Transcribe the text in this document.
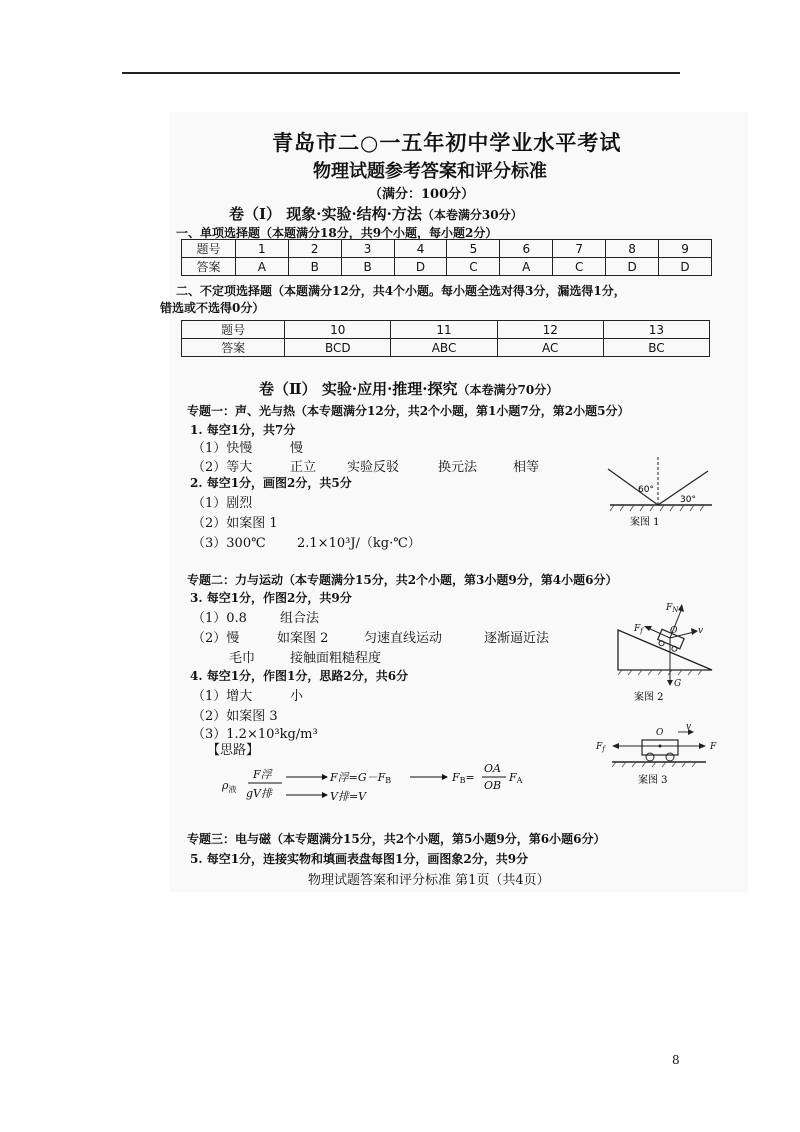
青岛市二○一五年初中学业水平考试
物理试题参考答案和评分标准
（满分：100分）
卷（Ⅰ） 现象·实验·结构·方法（本卷满分30分）
一、单项选择题（本题满分18分，共9个小题，每小题2分）
题号	1	2	3	4	5	6	7	8	9
答案	A	B	B	D	C	A	C	D	D
二、不定项选择题（本题满分12分，共4个小题。每小题全选对得3分，漏选得1分，
错选或不选得0分）
题号	10	11	12	13
答案	BCD	ABC	AC	BC
卷（Ⅱ） 实验·应用·推理·探究（本卷满分70分）
专题一：声、光与热（本专题满分12分，共2个小题，第1小题7分，第2小题5分）
1. 每空1分，共7分
（1）快慢	慢
（2）等大	正立 实验反驳	换元法	相等
2. 每空1分，画图2分，共5分
（1）剧烈
（2）如案图 1
（3）300℃ 2.1×10³J/（kg·℃）
60°
30°
案图 1
专题二：力与运动（本专题满分15分，共2个小题，第3小题9分，第4小题6分）
3. 每空1分，作图2分，共9分
（1）0.8	组合法
（2）慢	如案图 2	匀速直线运动	逐渐逼近法
毛巾	接触面粗糙程度
4. 每空1分，作图1分，思路2分，共6分
（1）增大	小
（2）如案图 3
（3）1.2×10³kg/m³
【思路】
$\rho_液$
F浮
gV排
F浮=G－FB
V排=V
FB=
OA
OB
FA
$F_N$
$F_f$	O v
G
案图 2
O
v
$F_f$	F
案图 3
专题三：电与磁（本专题满分15分，共2个小题，第5小题9分，第6小题6分）
5. 每空1分，连接实物和填画表盘每图1分，画图象2分，共9分
物理试题答案和评分标准 第1页（共4页）
8
